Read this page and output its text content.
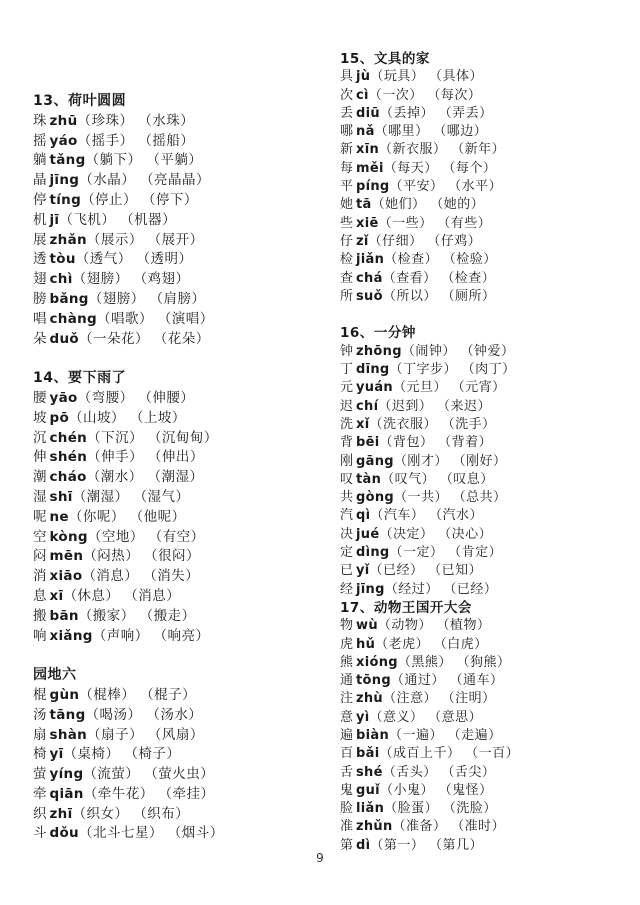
13、荷叶圆圆
珠 zhū（珍珠） （水珠）
摇 yáo（摇手） （摇船）
躺 tǎng（躺下） （平躺）
晶 jīng（水晶） （亮晶晶）
停 tíng（停止） （停下）
机 jī（飞机） （机器）
展 zhǎn（展示） （展开）
透 tòu（透气） （透明）
翅 chì（翅膀） （鸡翅）
膀 bǎng（翅膀） （肩膀）
唱 chàng（唱歌） （演唱）
朵 duǒ（一朵花） （花朵）
14、要下雨了
腰 yāo（弯腰） （伸腰）
坡 pō（山坡） （上坡）
沉 chén（下沉） （沉甸甸）
伸 shén（伸手） （伸出）
潮 cháo（潮水） （潮湿）
湿 shī（潮湿） （湿气）
呢 ne（你呢） （他呢）
空 kòng（空地） （有空）
闷 mēn（闷热） （很闷）
消 xiāo（消息） （消失）
息 xī（休息） （消息）
搬 bān（搬家） （搬走）
响 xiǎng（声响） （响亮）
园地六
棍 gùn（棍棒） （棍子）
汤 tāng（喝汤） （汤水）
扇 shàn（扇子） （风扇）
椅 yī（桌椅） （椅子）
萤 yíng（流萤） （萤火虫）
牵 qiān（牵牛花） （牵挂）
织 zhī（织女） （织布）
斗 dǒu（北斗七星） （烟斗）
15、文具的家
具 jù（玩具） （具体）
次 cì（一次） （每次）
丢 diū（丢掉） （弄丢）
哪 nǎ（哪里） （哪边）
新 xīn（新衣服） （新年）
每 měi（每天） （每个）
平 píng（平安） （水平）
她 tā（她们） （她的）
些 xiē（一些） （有些）
仔 zǐ（仔细） （仔鸡）
检 jiǎn（检查） （检验）
查 chá（查看） （检查）
所 suǒ（所以） （厕所）
16、一分钟
钟 zhōng（闹钟） （钟爱）
丁 dīng（丁字步） （肉丁）
元 yuán（元旦） （元宵）
迟 chí（迟到） （来迟）
洗 xǐ（洗衣服） （洗手）
背 bēi（背包） （背着）
刚 gāng（刚才） （刚好）
叹 tàn（叹气） （叹息）
共 gòng（一共） （总共）
汽 qì（汽车） （汽水）
决 jué（决定） （决心）
定 dìng（一定） （肯定）
已 yǐ（已经） （已知）
经 jīng（经过） （已经）
17、动物王国开大会
物 wù（动物） （植物）
虎 hǔ（老虎） （白虎）
熊 xióng（黑熊） （狗熊）
通 tōng（通过） （通车）
注 zhù（注意） （注明）
意 yì（意义） （意思）
遍 biàn（一遍） （走遍）
百 bǎi（成百上千） （一百）
舌 shé（舌头） （舌尖）
鬼 guǐ（小鬼） （鬼怪）
脸 liǎn（脸蛋） （洗脸）
准 zhǔn（准备） （准时）
第 dì（第一） （第几）
9
